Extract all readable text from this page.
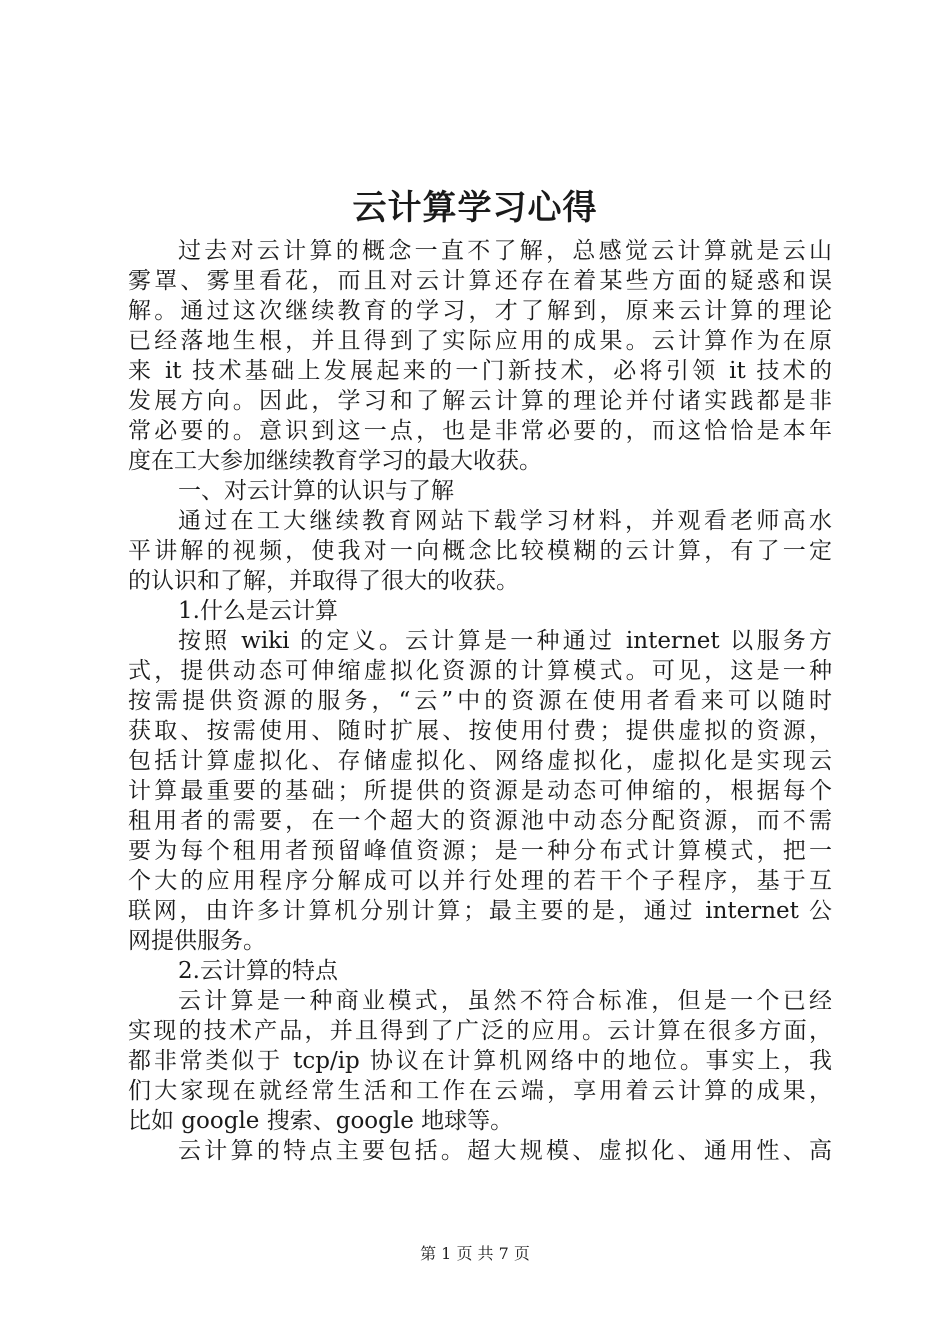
云计算学习心得
过去对云计算的概念一直不了解，总感觉云计算就是云山
雾罩、雾里看花，而且对云计算还存在着某些方面的疑惑和误
解。通过这次继续教育的学习，才了解到，原来云计算的理论
已经落地生根，并且得到了实际应用的成果。云计算作为在原
来 it 技术基础上发展起来的一门新技术，必将引领 it 技术的
发展方向。因此，学习和了解云计算的理论并付诸实践都是非
常必要的。意识到这一点，也是非常必要的，而这恰恰是本年
度在工大参加继续教育学习的最大收获。
一、对云计算的认识与了解
通过在工大继续教育网站下载学习材料，并观看老师高水
平讲解的视频，使我对一向概念比较模糊的云计算，有了一定
的认识和了解，并取得了很大的收获。
1.什么是云计算
按照 wiki 的定义。云计算是一种通过 internet 以服务方
式，提供动态可伸缩虚拟化资源的计算模式。可见，这是一种
按需提供资源的服务，“云”中的资源在使用者看来可以随时
获取、按需使用、随时扩展、按使用付费；提供虚拟的资源，
包括计算虚拟化、存储虚拟化、网络虚拟化，虚拟化是实现云
计算最重要的基础；所提供的资源是动态可伸缩的，根据每个
租用者的需要，在一个超大的资源池中动态分配资源，而不需
要为每个租用者预留峰值资源；是一种分布式计算模式，把一
个大的应用程序分解成可以并行处理的若干个子程序，基于互
联网，由许多计算机分别计算；最主要的是，通过 internet 公
网提供服务。
2.云计算的特点
云计算是一种商业模式，虽然不符合标准，但是一个已经
实现的技术产品，并且得到了广泛的应用。云计算在很多方面，
都非常类似于 tcp/ip 协议在计算机网络中的地位。事实上，我
们大家现在就经常生活和工作在云端，享用着云计算的成果，
比如 google 搜索、google 地球等。
云计算的特点主要包括。超大规模、虚拟化、通用性、高
第 1 页 共 7 页
